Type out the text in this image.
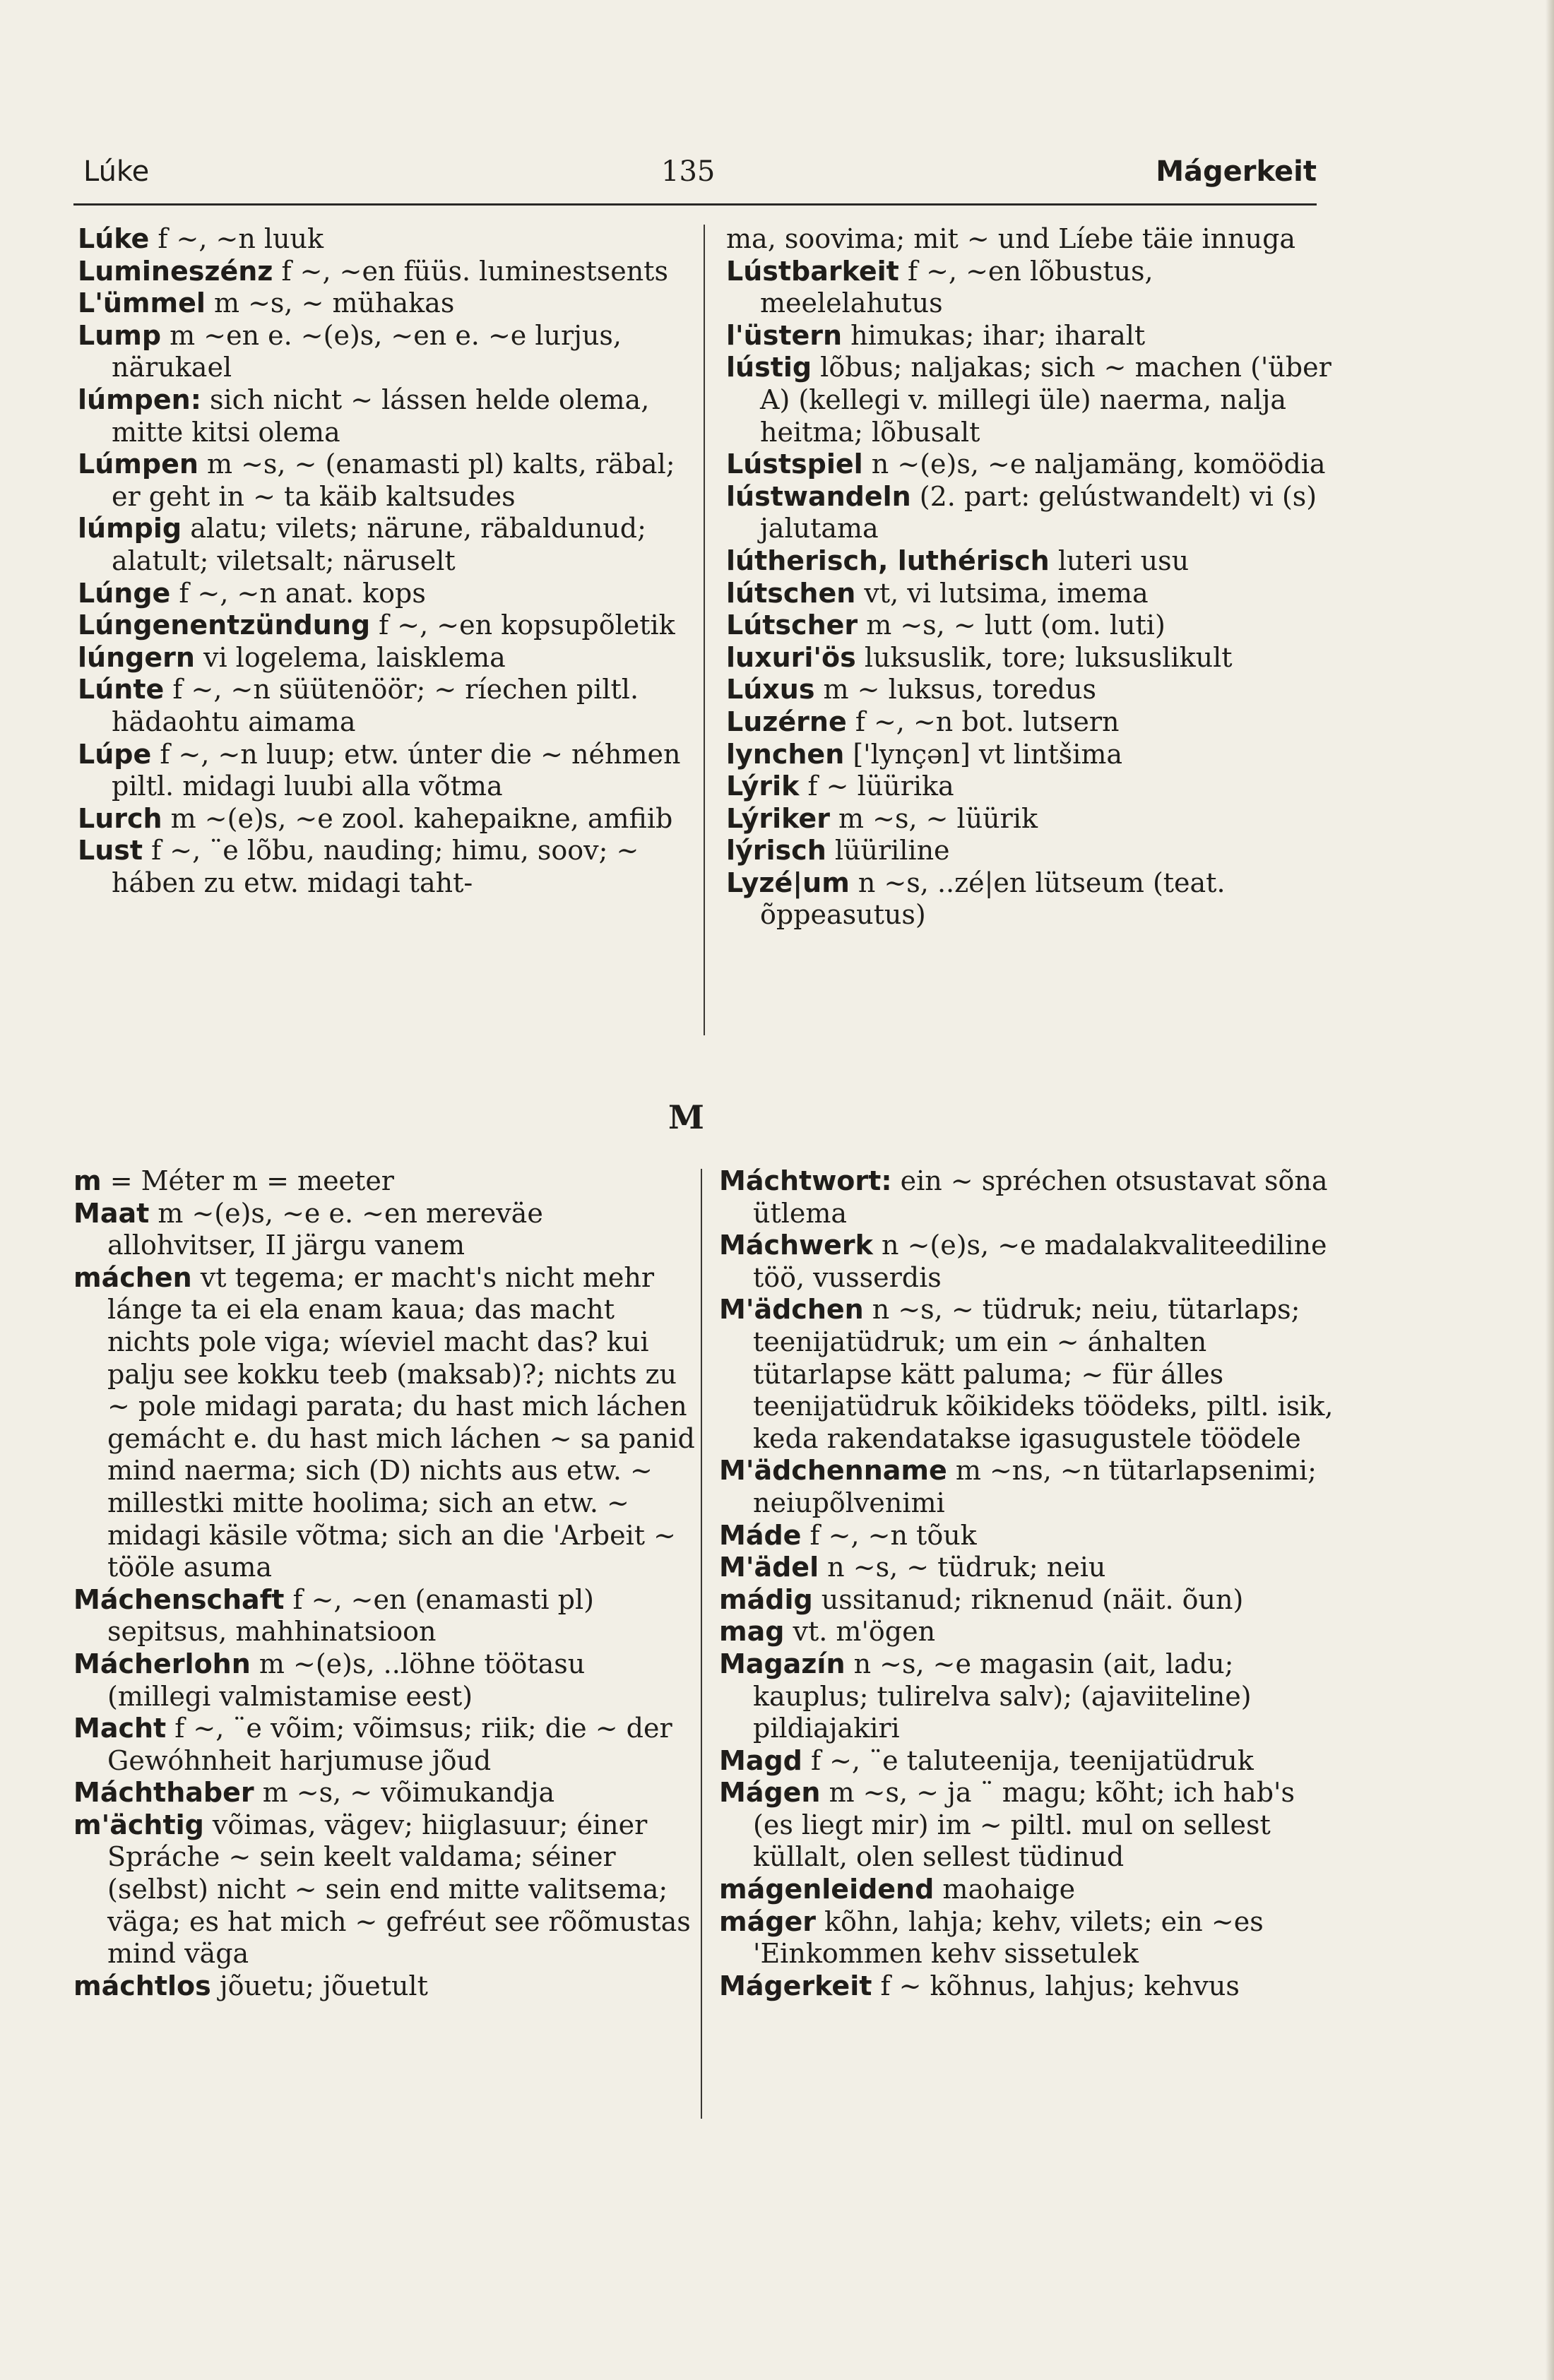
Lúke	135	Mágerkeit
Lúke f ~, ~n luuk
Lumineszénz f ~, ~en füüs. luminestsents
L'ümmel m ~s, ~ mühakas
Lump m ~en e. ~(e)s, ~en e. ~e lurjus, närukael
lúmpen: sich nicht ~ lássen helde olema, mitte kitsi olema
Lúmpen m ~s, ~ (enamasti pl) kalts, räbal; er geht in ~ ta käib kaltsudes
lúmpig alatu; vilets; närune, räbaldunud; alatult; viletsalt; näruselt
Lúnge f ~, ~n anat. kops
Lúngenentzündung f ~, ~en kopsupõletik
lúngern vi logelema, laisklema
Lúnte f ~, ~n süütenöör; ~ ríechen piltl. hädaohtu aimama
Lúpe f ~, ~n luup; etw. únter die ~ néhmen piltl. midagi luubi alla võtma
Lurch m ~(e)s, ~e zool. kahepaikne, amfiib
Lust f ~, ¨e lõbu, nauding; himu, soov; ~ háben zu etw. midagi taht-
ma, soovima; mit ~ und Líebe täie innuga
Lústbarkeit f ~, ~en lõbustus, meelelahutus
l'üstern himukas; ihar; iharalt
lústig lõbus; naljakas; sich ~ machen ('über A) (kellegi v. millegi üle) naerma, nalja heitma; lõbusalt
Lústspiel n ~(e)s, ~e naljamäng, komöödia
lústwandeln (2. part: gelústwandelt) vi (s) jalutama
lútherisch, luthérisch luteri usu
lútschen vt, vi lutsima, imema
Lútscher m ~s, ~ lutt (om. luti)
luxuri'ös luksuslik, tore; luksuslikult
Lúxus m ~ luksus, toredus
Luzérne f ~, ~n bot. lutsern
lynchen ['lynçən] vt lintšima
Lýrik f ~ lüürika
Lýriker m ~s, ~ lüürik
lýrisch lüüriline
Lyzé|um n ~s, ..zé|en lütseum (teat. õppeasutus)
M
m = Méter m = meeter
Maat m ~(e)s, ~e e. ~en mereväe allohvitser, II järgu vanem
máchen vt tegema; er macht's nicht mehr lánge ta ei ela enam kaua; das macht nichts pole viga; wíeviel macht das? kui palju see kokku teeb (maksab)?; nichts zu ~ pole midagi parata; du hast mich láchen gemácht e. du hast mich láchen ~ sa panid mind naerma; sich (D) nichts aus etw. ~ millestki mitte hoolima; sich an etw. ~ midagi käsile võtma; sich an die 'Arbeit ~ tööle asuma
Máchenschaft f ~, ~en (enamasti pl) sepitsus, mahhinatsioon
Mácherlohn m ~(e)s, ..löhne töötasu (millegi valmistamise eest)
Macht f ~, ¨e võim; võimsus; riik; die ~ der Gewóhnheit harjumuse jõud
Máchthaber m ~s, ~ võimukandja
m'ächtig võimas, vägev; hiiglasuur; éiner Spráche ~ sein keelt valdama; séiner (selbst) nicht ~ sein end mitte valitsema; väga; es hat mich ~ gefréut see rõõmustas mind väga
máchtlos jõuetu; jõuetult
Máchtwort: ein ~ spréchen otsustavat sõna ütlema
Máchwerk n ~(e)s, ~e madalakvaliteediline töö, vusserdis
M'ädchen n ~s, ~ tüdruk; neiu, tütarlaps; teenijatüdruk; um ein ~ ánhalten tütarlapse kätt paluma; ~ für álles teenijatüdruk kõikideks töödeks, piltl. isik, keda rakendatakse igasugustele töödele
M'ädchenname m ~ns, ~n tütarlapsenimi; neiupõlvenimi
Máde f ~, ~n tõuk
M'ädel n ~s, ~ tüdruk; neiu
mádig ussitanud; riknenud (näit. õun)
mag vt. m'ögen
Magazín n ~s, ~e magasin (ait, ladu; kauplus; tulirelva salv); (ajaviiteline) pildiajakiri
Magd f ~, ¨e taluteenija, teenijatüdruk
Mágen m ~s, ~ ja ¨ magu; kõht; ich hab's (es liegt mir) im ~ piltl. mul on sellest küllalt, olen sellest tüdinud
mágenleidend maohaige
máger kõhn, lahja; kehv, vilets; ein ~es 'Einkommen kehv sissetulek
Mágerkeit f ~ kõhnus, lahjus; kehvus
